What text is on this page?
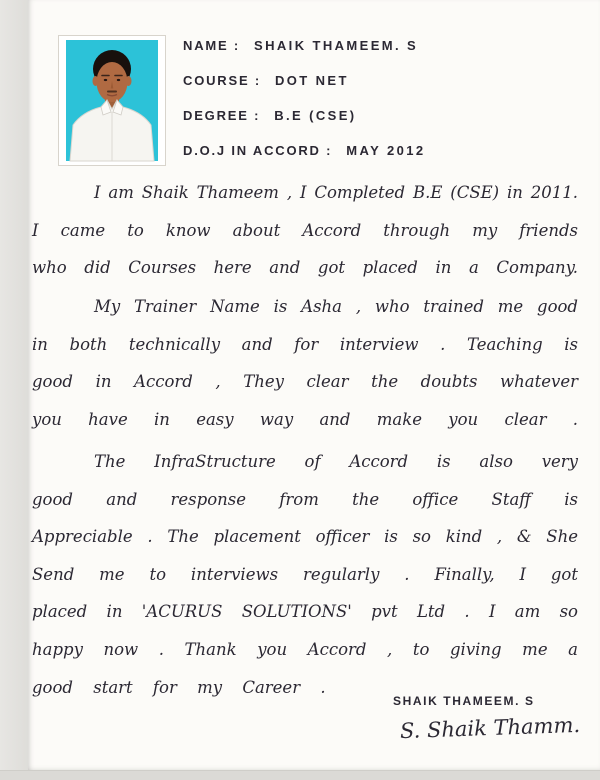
NAME : SHAIK THAMEEM. S
COURSE : DOT NET
DEGREE : B.E (CSE)
D.O.J IN ACCORD : MAY 2012
I am Shaik Thameem , I Completed B.E (CSE) in 2011.
I came to know about Accord through my friends
who did Courses here and got placed in a Company.
My Trainer Name is Asha , who trained me good
in both technically and for interview . Teaching is
good in Accord , They clear the doubts whatever
you have in easy way and make you clear .
The InfraStructure of Accord is also very
good and response from the office Staff is
Appreciable . The placement officer is so kind , & She
Send me to interviews regularly . Finally, I got
placed in 'ACURUS SOLUTIONS' pvt Ltd . I am so
happy now . Thank you Accord , to giving me a
good start for my Career .
SHAIK THAMEEM. S
S. Shaik Thamm.
